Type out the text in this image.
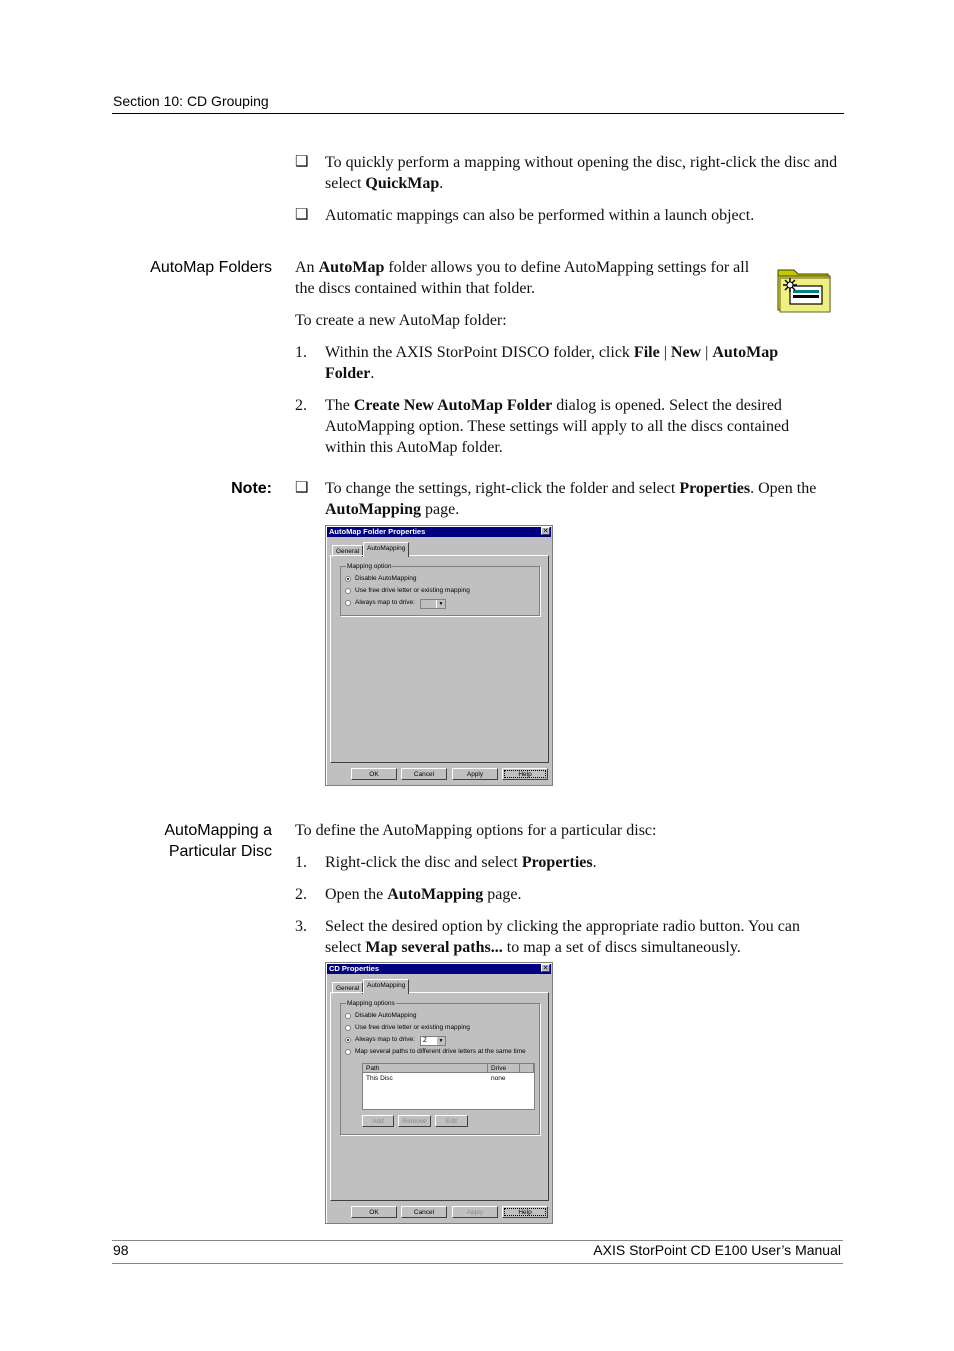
Section 10: CD Grouping
❑ To quickly perform a mapping without opening the disc, right-click the disc and select QuickMap.
❑ Automatic mappings can also be performed within a launch object.
AutoMap Folders An AutoMap folder allows you to define AutoMapping settings for all the discs contained within that folder.
To create a new AutoMap folder:
1.	Within the AXIS StorPoint DISCO folder, click File | New | AutoMap Folder.
2.	The Create New AutoMap Folder dialog is opened. Select the desired AutoMapping option. These settings will apply to all the discs contained within this AutoMap folder.
Note: ❑ To change the settings, right-click the folder and select Properties. Open the AutoMapping page.
AutoMap Folder Properties	✕
General	AutoMapping
Mapping option
Disable AutoMapping
Use free drive letter or existing mapping
Always map to drive:	▼
OK	Cancel	Apply	Help
AutoMapping a
Particular Disc
To define the AutoMapping options for a particular disc:
1.	Right-click the disc and select Properties.
2.	Open the AutoMapping page.
3.	Select the desired option by clicking the appropriate radio button. You can select Map several paths... to map a set of discs simultaneously.
CD Properties	✕
General	AutoMapping
Mapping options
Disable AutoMapping
Use free drive letter or existing mapping
Always map to drive:	Z	▼
Map several paths to different drive letters at the same time
Path	Drive
This Disc	none
Add	Remove	Edit
OK	Cancel	Apply	Help
98	AXIS StorPoint CD E100 User’s Manual
